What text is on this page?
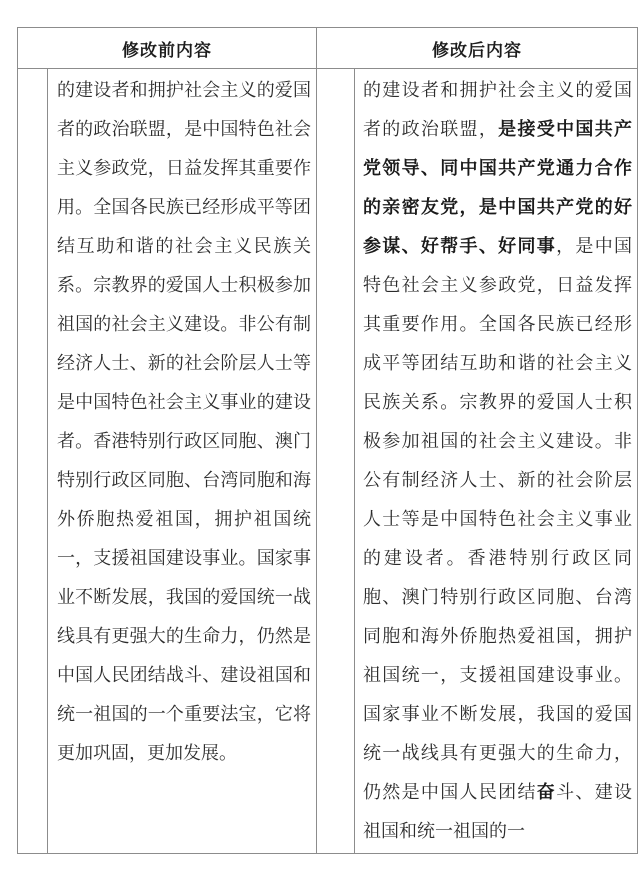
修改前内容	修改后内容
的建设者和拥护社会主义的爱国者的政治联盟，是中国特色社会主义参政党，日益发挥其重要作用。全国各民族已经形成平等团结互助和谐的社会主义民族关系。宗教界的爱国人士积极参加祖国的社会主义建设。非公有制经济人士、新的社会阶层人士等是中国特色社会主义事业的建设者。香港特别行政区同胞、澳门特别行政区同胞、台湾同胞和海外侨胞热爱祖国，拥护祖国统一，支援祖国建设事业。国家事业不断发展，我国的爱国统一战线具有更强大的生命力，仍然是中国人民团结战斗、建设祖国和统一祖国的一个重要法宝，它将更加巩固，更加发展。
的建设者和拥护社会主义的爱国者的政治联盟，是接受中国共产党领导、同中国共产党通力合作的亲密友党，是中国共产党的好参谋、好帮手、好同事，是中国特色社会主义参政党，日益发挥其重要作用。全国各民族已经形成平等团结互助和谐的社会主义民族关系。宗教界的爱国人士积极参加祖国的社会主义建设。非公有制经济人士、新的社会阶层人士等是中国特色社会主义事业的建设者。香港特别行政区同胞、澳门特别行政区同胞、台湾同胞和海外侨胞热爱祖国，拥护祖国统一，支援祖国建设事业。国家事业不断发展，我国的爱国统一战线具有更强大的生命力，仍然是中国人民团结奋斗、建设祖国和统一祖国的一
